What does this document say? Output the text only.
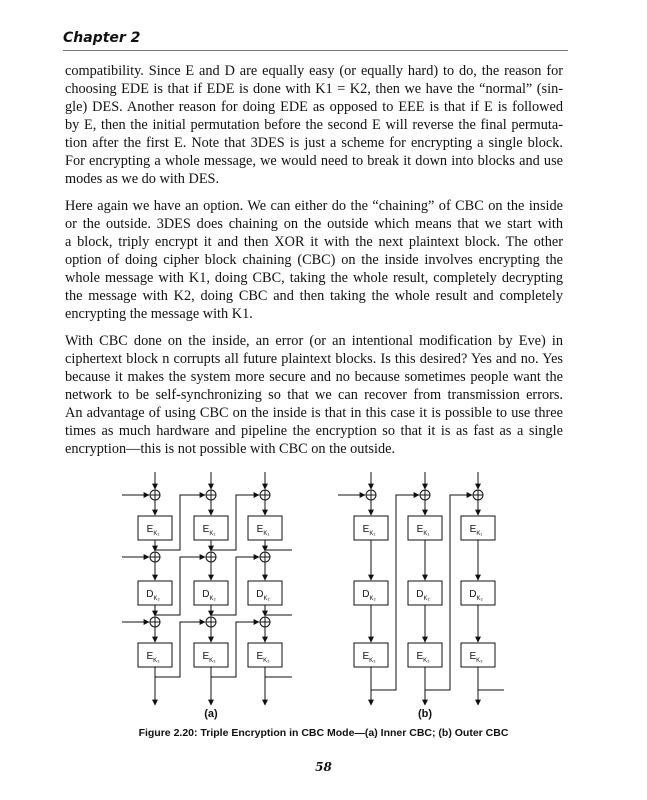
Chapter 2

compatibility. Since E and D are equally easy (or equally hard) to do, the reason for
choosing EDE is that if EDE is done with K1 = K2, then we have the “normal” (sin-
gle) DES. Another reason for doing EDE as opposed to EEE is that if E is followed
by E, then the initial permutation before the second E will reverse the final permuta-
tion after the first E. Note that 3DES is just a scheme for encrypting a single block.
For encrypting a whole message, we would need to break it down into blocks and use
modes as we do with DES.

Here again we have an option. We can either do the “chaining” of CBC on the inside
or the outside. 3DES does chaining on the outside which means that we start with
a block, triply encrypt it and then XOR it with the next plaintext block. The other
option of doing cipher block chaining (CBC) on the inside involves encrypting the
whole message with K1, doing CBC, taking the whole result, completely decrypting
the message with K2, doing CBC and then taking the whole result and completely
encrypting the message with K1.

With CBC done on the inside, an error (or an intentional modification by Eve) in
ciphertext block n corrupts all future plaintext blocks. Is this desired? Yes and no. Yes
because it makes the system more secure and no because sometimes people want the
network to be self-synchronizing so that we can recover from transmission errors.
An advantage of using CBC on the inside is that in this case it is possible to use three
times as much hardware and pipeline the encryption so that it is as fast as a single
encryption—this is not possible with CBC on the outside.

$E_{K_1}$
$D_{K_2}$
$E_{K_3}$
$E_{K_1}$
$D_{K_2}$
$E_{K_3}$
$E_{K_1}$
$D_{K_2}$
$E_{K_3}$
$E_{K_1}$
$D_{K_2}$
$E_{K_3}$
$E_{K_1}$
$D_{K_2}$
$E_{K_3}$
$E_{K_1}$
$D_{K_2}$
$E_{K_3}$
(a)	(b)
Figure 2.20: Triple Encryption in CBC Mode—(a) Inner CBC; (b) Outer CBC
58
